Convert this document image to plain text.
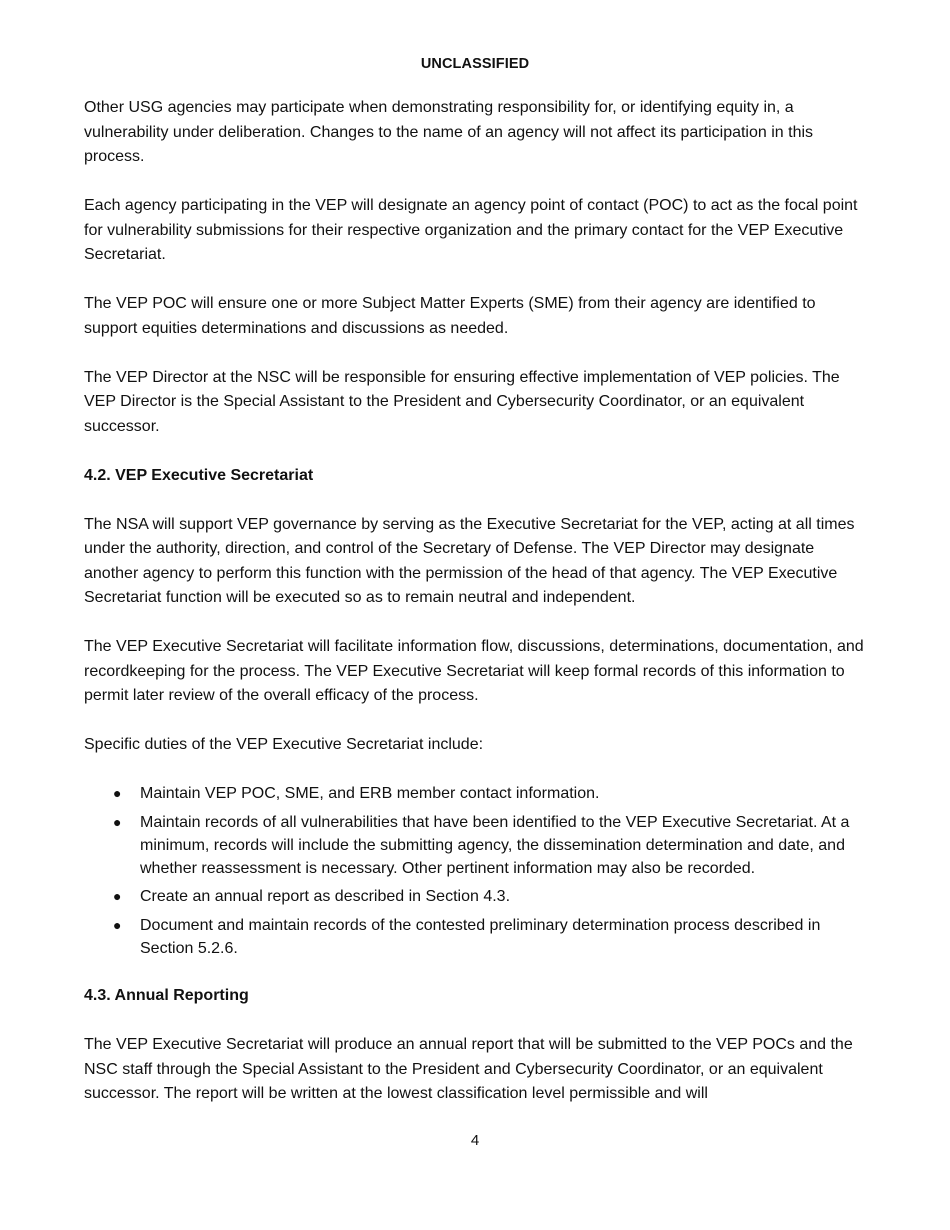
UNCLASSIFIED

Other USG agencies may participate when demonstrating responsibility for, or identifying equity in, a vulnerability under deliberation. Changes to the name of an agency will not affect its participation in this process.

Each agency participating in the VEP will designate an agency point of contact (POC) to act as the focal point for vulnerability submissions for their respective organization and the primary contact for the VEP Executive Secretariat.

The VEP POC will ensure one or more Subject Matter Experts (SME) from their agency are identified to support equities determinations and discussions as needed.

The VEP Director at the NSC will be responsible for ensuring effective implementation of VEP policies. The VEP Director is the Special Assistant to the President and Cybersecurity Coordinator, or an equivalent successor.

4.2. VEP Executive Secretariat

The NSA will support VEP governance by serving as the Executive Secretariat for the VEP, acting at all times under the authority, direction, and control of the Secretary of Defense. The VEP Director may designate another agency to perform this function with the permission of the head of that agency. The VEP Executive Secretariat function will be executed so as to remain neutral and independent.

The VEP Executive Secretariat will facilitate information flow, discussions, determinations, documentation, and recordkeeping for the process. The VEP Executive Secretariat will keep formal records of this information to permit later review of the overall efficacy of the process.

Specific duties of the VEP Executive Secretariat include:

● Maintain VEP POC, SME, and ERB member contact information.
● Maintain records of all vulnerabilities that have been identified to the VEP Executive Secretariat. At a minimum, records will include the submitting agency, the dissemination determination and date, and whether reassessment is necessary. Other pertinent information may also be recorded.
● Create an annual report as described in Section 4.3.
● Document and maintain records of the contested preliminary determination process described in Section 5.2.6.
4.3. Annual Reporting

The VEP Executive Secretariat will produce an annual report that will be submitted to the VEP POCs and the NSC staff through the Special Assistant to the President and Cybersecurity Coordinator, or an equivalent successor. The report will be written at the lowest classification level permissible and will

4
